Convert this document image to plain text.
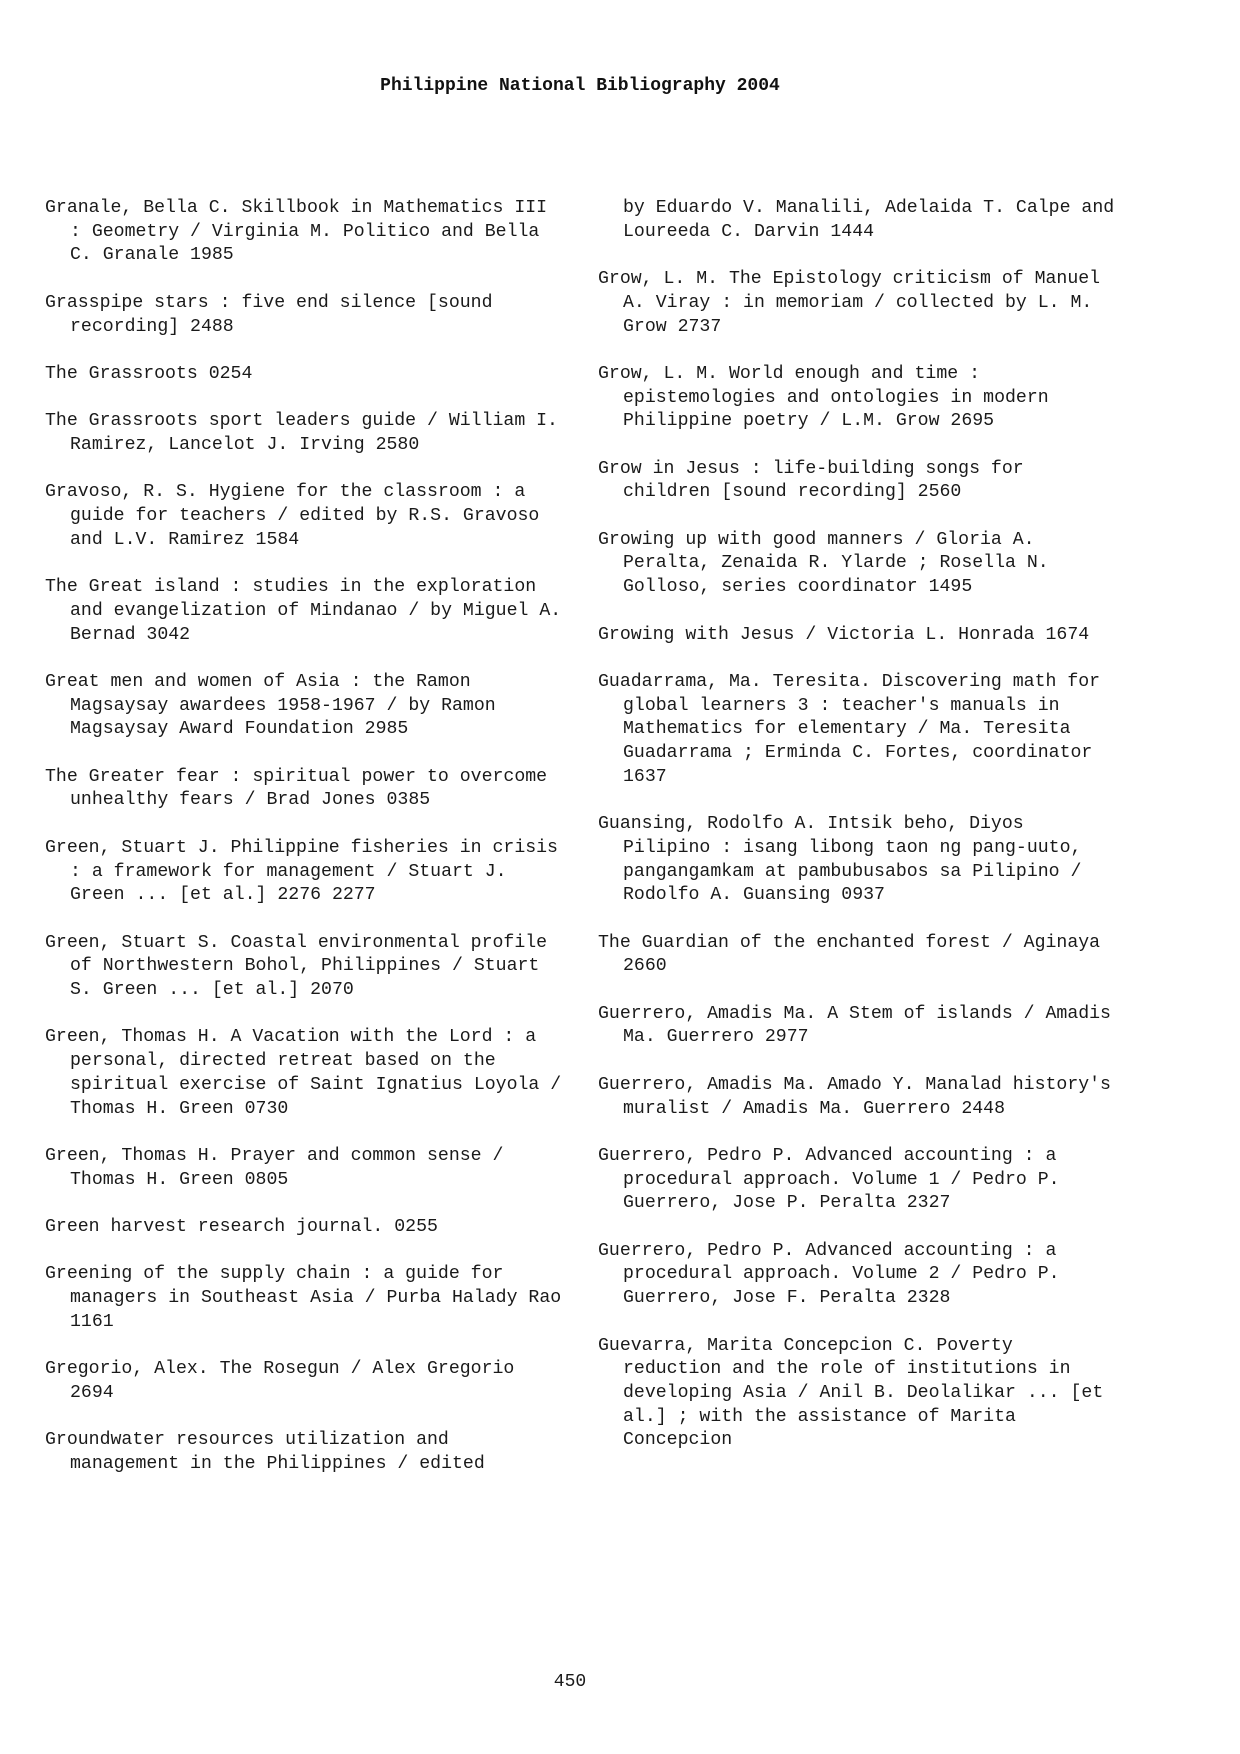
Philippine National Bibliography 2004

Granale, Bella C. Skillbook in Mathematics III : Geometry / Virginia M. Politico and Bella C. Granale 1985

Grasspipe stars : five end silence [sound recording] 2488

The Grassroots 0254

The Grassroots sport leaders guide / William I. Ramirez, Lancelot J. Irving 2580

Gravoso, R. S. Hygiene for the classroom : a guide for teachers / edited by R.S. Gravoso and L.V. Ramirez 1584

The Great island : studies in the exploration and evangelization of Mindanao / by Miguel A. Bernad 3042

Great men and women of Asia : the Ramon Magsaysay awardees 1958-1967 / by Ramon Magsaysay Award Foundation 2985

The Greater fear : spiritual power to overcome unhealthy fears / Brad Jones 0385

Green, Stuart J. Philippine fisheries in crisis : a framework for management / Stuart J. Green ... [et al.] 2276 2277

Green, Stuart S. Coastal environmental profile of Northwestern Bohol, Philippines / Stuart S. Green ... [et al.] 2070

Green, Thomas H. A Vacation with the Lord : a personal, directed retreat based on the spiritual exercise of Saint Ignatius Loyola / Thomas H. Green 0730

Green, Thomas H. Prayer and common sense / Thomas H. Green 0805

Green harvest research journal. 0255

Greening of the supply chain : a guide for managers in Southeast Asia / Purba Halady Rao 1161

Gregorio, Alex. The Rosegun / Alex Gregorio 2694

Groundwater resources utilization and management in the Philippines / edited

by Eduardo V. Manalili, Adelaida T. Calpe and Loureeda C. Darvin 1444

Grow, L. M. The Epistology criticism of Manuel A. Viray : in memoriam / collected by L. M. Grow 2737

Grow, L. M. World enough and time : epistemologies and ontologies in modern Philippine poetry / L.M. Grow 2695

Grow in Jesus : life-building songs for children [sound recording] 2560

Growing up with good manners / Gloria A. Peralta, Zenaida R. Ylarde ; Rosella N. Golloso, series coordinator 1495

Growing with Jesus / Victoria L. Honrada 1674

Guadarrama, Ma. Teresita. Discovering math for global learners 3 : teacher's manuals in Mathematics for elementary / Ma. Teresita Guadarrama ; Erminda C. Fortes, coordinator 1637

Guansing, Rodolfo A. Intsik beho, Diyos Pilipino : isang libong taon ng pang-uuto, pangangamkam at pambubusabos sa Pilipino / Rodolfo A. Guansing 0937

The Guardian of the enchanted forest / Aginaya 2660

Guerrero, Amadis Ma. A Stem of islands / Amadis Ma. Guerrero 2977

Guerrero, Amadis Ma. Amado Y. Manalad history's muralist / Amadis Ma. Guerrero 2448

Guerrero, Pedro P. Advanced accounting : a procedural approach. Volume 1 / Pedro P. Guerrero, Jose P. Peralta 2327

Guerrero, Pedro P. Advanced accounting : a procedural approach. Volume 2 / Pedro P. Guerrero, Jose F. Peralta 2328

Guevarra, Marita Concepcion C. Poverty reduction and the role of institutions in developing Asia / Anil B. Deolalikar ... [et al.] ; with the assistance of Marita Concepcion

450
